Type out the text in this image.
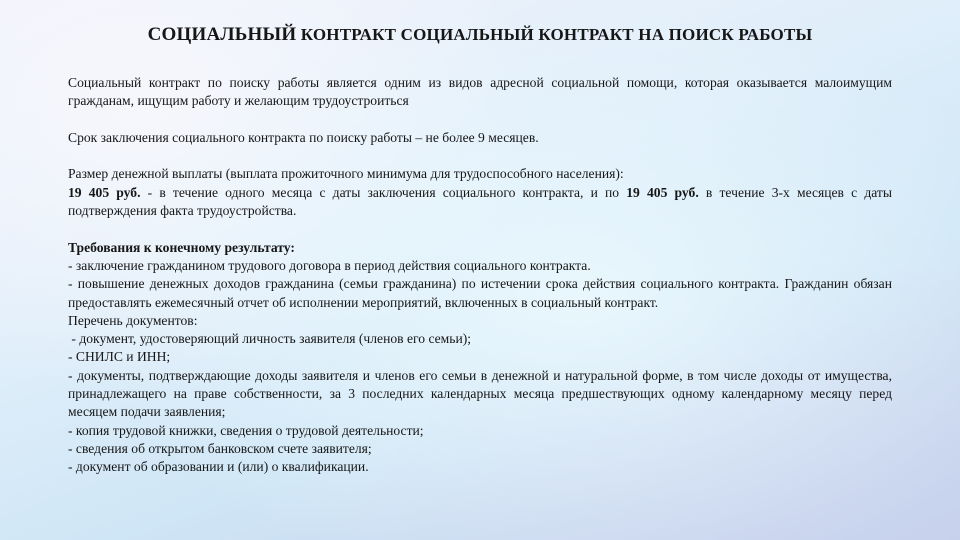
СОЦИАЛЬНЫЙ КОНТРАКТ СОЦИАЛЬНЫЙ КОНТРАКТ НА ПОИСК РАБОТЫ

Социальный контракт по поиску работы является одним из видов адресной социальной помощи, которая оказывается малоимущим гражданам, ищущим работу и желающим трудоустроиться

Срок заключения социального контракта по поиску работы – не более 9 месяцев.

Размер денежной выплаты (выплата прожиточного минимума для трудоспособного населения):

19 405 руб. - в течение одного месяца с даты заключения социального контракта, и по 19 405 руб. в течение 3-х месяцев с даты подтверждения факта трудоустройства.

Требования к конечному результату:

- заключение гражданином трудового договора в период действия социального контракта.

- повышение денежных доходов гражданина (семьи гражданина) по истечении срока действия социального контракта. Гражданин обязан предоставлять ежемесячный отчет об исполнении мероприятий, включенных в социальный контракт.

Перечень документов:

- документ, удостоверяющий личность заявителя (членов его семьи);

- СНИЛС и ИНН;

- документы, подтверждающие доходы заявителя и членов его семьи в денежной и натуральной форме, в том числе доходы от имущества, принадлежащего на праве собственности, за 3 последних календарных месяца предшествующих одному календарному месяцу перед месяцем подачи заявления;

- копия трудовой книжки, сведения о трудовой деятельности;

- сведения об открытом банковском счете заявителя;

- документ об образовании и (или) о квалификации.
